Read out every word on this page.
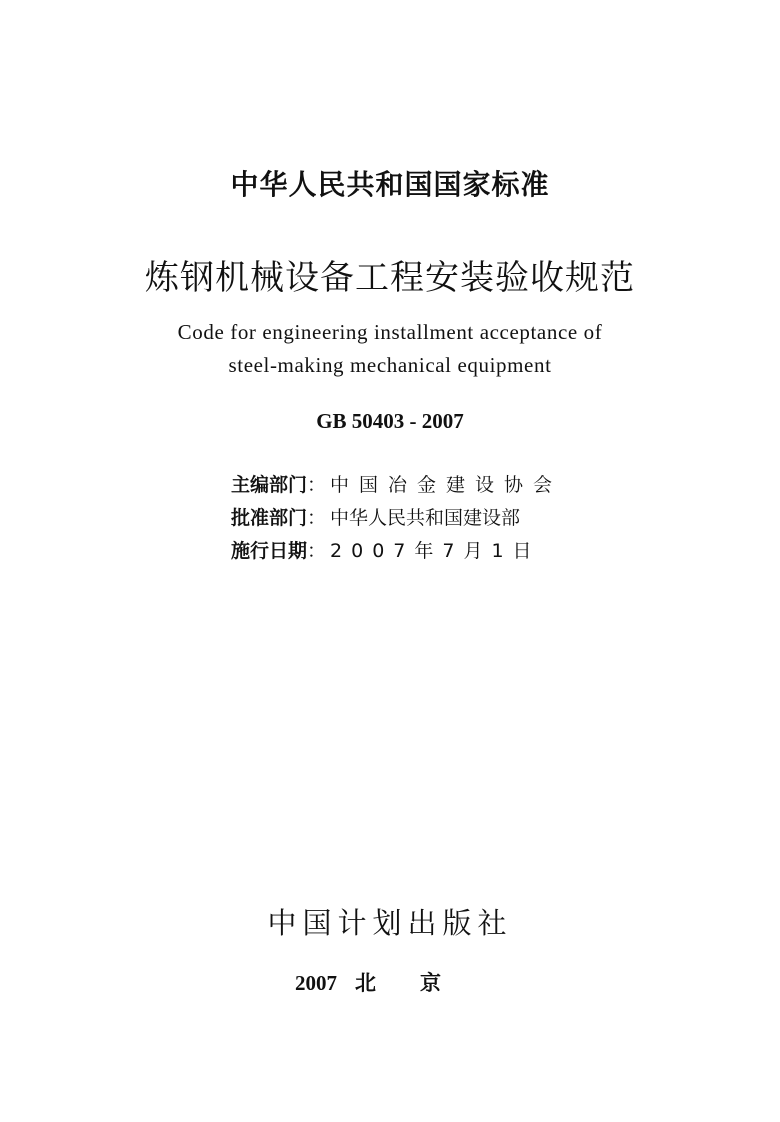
中华人民共和国国家标准
炼钢机械设备工程安装验收规范
Code for engineering installment acceptance of
steel-making mechanical equipment
GB 50403 - 2007
主编部门： 中国冶金建设协会
批准部门： 中华人民共和国建设部
施行日期： 2007年7月1日
中国计划出版社
2007 北京
